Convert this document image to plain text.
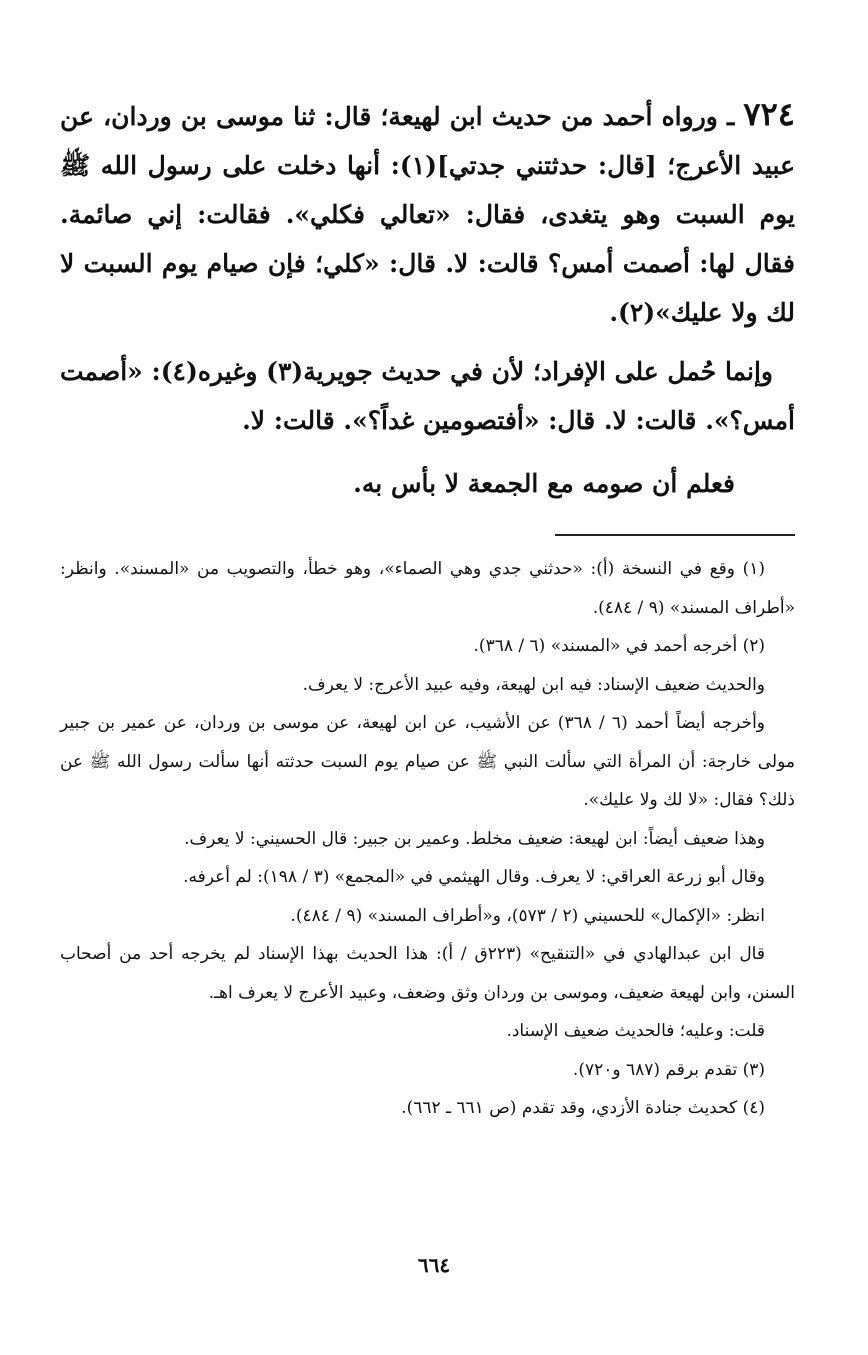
٧٢٤ ـ ورواه أحمد من حديث ابن لهيعة؛ قال: ثنا موسى بن وردان، عن عبيد الأعرج؛ [قال: حدثتني جدتي](١): أنها دخلت على رسول الله ﷺ يوم السبت وهو يتغدى، فقال: «تعالي فكلي». فقالت: إني صائمة. فقال لها: أصمت أمس؟ قالت: لا. قال: «كلي؛ فإن صيام يوم السبت لا لك ولا عليك»(٢).

وإنما حُمل على الإفراد؛ لأن في حديث جويرية(٣) وغيره(٤): «أصمت أمس؟». قالت: لا. قال: «أفتصومين غداً؟». قالت: لا.

فعلم أن صومه مع الجمعة لا بأس به.

(١) وقع في النسخة (أ): «حدثني جدي وهي الصماء»، وهو خطأ، والتصويب من «المسند». وانظر: «أطراف المسند» (٩ / ٤٨٤).

(٢) أخرجه أحمد في «المسند» (٦ / ٣٦٨).

والحديث ضعيف الإسناد: فيه ابن لهيعة، وفيه عبيد الأعرج: لا يعرف.

وأخرجه أيضاً أحمد (٦ / ٣٦٨) عن الأشيب، عن ابن لهيعة، عن موسى بن وردان، عن عمير بن جبير مولى خارجة: أن المرأة التي سألت النبي ﷺ عن صيام يوم السبت حدثته أنها سألت رسول الله ﷺ عن ذلك؟ فقال: «لا لك ولا عليك».

وهذا ضعيف أيضاً: ابن لهيعة: ضعيف مخلط. وعمير بن جبير: قال الحسيني: لا يعرف.

وقال أبو زرعة العراقي: لا يعرف. وقال الهيثمي في «المجمع» (٣ / ١٩٨): لم أعرفه.

انظر: «الإكمال» للحسيني (٢ / ٥٧٣)، و«أطراف المسند» (٩ / ٤٨٤).

قال ابن عبدالهادي في «التنقيح» (٢٢٣ق / أ): هذا الحديث بهذا الإسناد لم يخرجه أحد من أصحاب السنن، وابن لهيعة ضعيف، وموسى بن وردان وثق وضعف، وعبيد الأعرج لا يعرف اهـ.

قلت: وعليه؛ فالحديث ضعيف الإسناد.

(٣) تقدم برقم (٦٨٧ و٧٢٠).

(٤) كحديث جنادة الأزدي، وقد تقدم (ص ٦٦١ ـ ٦٦٢).

٦٦٤
